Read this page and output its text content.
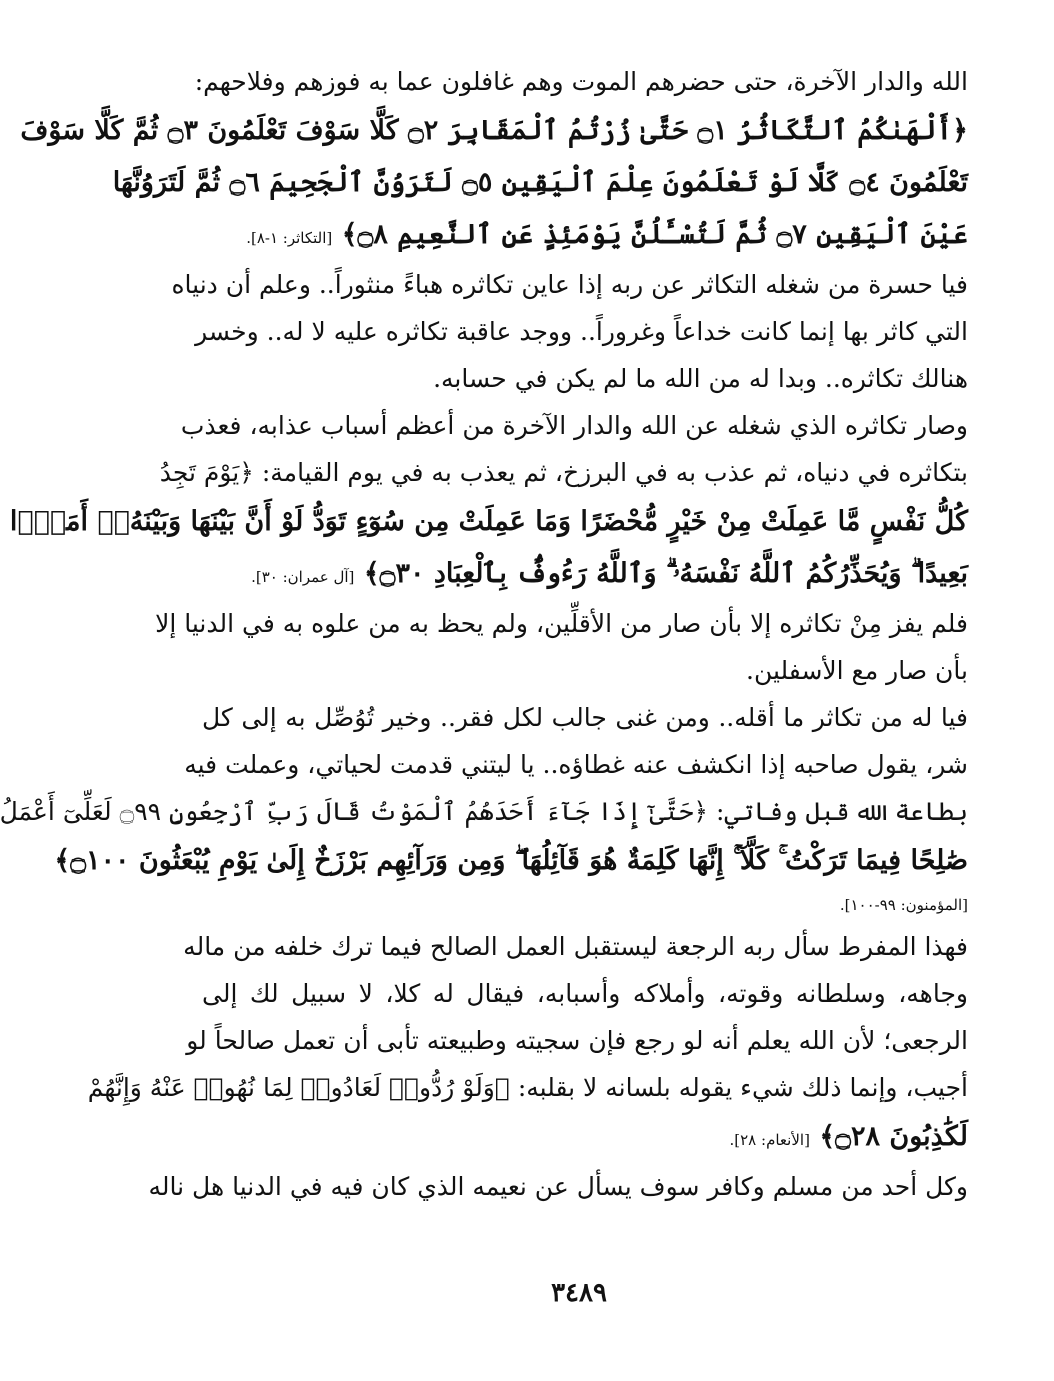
الله والدار الآخرة، حتى حضرهم الموت وهم غافلون عما به فوزهم وفلاحهم:
﴿أَلْهَىٰكُمُ ٱلتَّكَاثُرُ ۝١ حَتَّىٰ زُرْتُمُ ٱلْمَقَابِرَ ۝٢ كَلَّا سَوْفَ تَعْلَمُونَ ۝٣ ثُمَّ كَلَّا سَوْفَ
تَعْلَمُونَ ۝٤ كَلَّا لَوْ تَعْلَمُونَ عِلْمَ ٱلْيَقِينِ ۝٥ لَتَرَوُنَّ ٱلْجَحِيمَ ۝٦ ثُمَّ لَتَرَوُنَّهَا
عَيْنَ ٱلْيَقِينِ ۝٧ ثُمَّ لَتُسْـَٔلُنَّ يَوْمَئِذٍ عَنِ ٱلنَّعِيمِ ۝٨﴾ [التكاثر: ١-٨].
فيا حسرة من شغله التكاثر عن ربه إذا عاين تكاثره هباءً منثوراً.. وعلم أن دنياه
التي كاثر بها إنما كانت خداعاً وغروراً.. ووجد عاقبة تكاثره عليه لا له.. وخسر
هنالك تكاثره.. وبدا له من الله ما لم يكن في حسابه.
وصار تكاثره الذي شغله عن الله والدار الآخرة من أعظم أسباب عذابه، فعذب
بتكاثره في دنياه، ثم عذب به في البرزخ، ثم يعذب به في يوم القيامة: ﴿يَوْمَ تَجِدُ
كُلُّ نَفْسٍ مَّا عَمِلَتْ مِنْ خَيْرٍ مُّحْضَرًا وَمَا عَمِلَتْ مِن سُوٓءٍ تَوَدُّ لَوْ أَنَّ بَيْنَهَا وَبَيْنَهُۥٓ أَمَدًۢا
بَعِيدًا ۗ وَيُحَذِّرُكُمُ ٱللَّهُ نَفْسَهُۥ ۗ وَٱللَّهُ رَءُوفٌۢ بِٱلْعِبَادِ ۝٣٠﴾ [آل عمران: ٣٠].
فلم يفز مِنْ تكاثره إلا بأن صار من الأقلِّين، ولم يحظ به من علوه به في الدنيا إلا
بأن صار مع الأسفلين.
فيا له من تكاثر ما أقله.. ومن غنى جالب لكل فقر.. وخير تُوُصِّل به إلى كل
شر، يقول صاحبه إذا انكشف عنه غطاؤه.. يا ليتني قدمت لحياتي، وعملت فيه
بطاعة الله قبل وفاتي: ﴿حَتَّىٰٓ إِذَا جَآءَ أَحَدَهُمُ ٱلْمَوْتُ قَالَ رَبِّ ٱرْجِعُونِ ۝٩٩ لَعَلِّىٓ أَعْمَلُ
صَٰلِحًا فِيمَا تَرَكْتُ ۚ كَلَّآ ۚ إِنَّهَا كَلِمَةٌ هُوَ قَآئِلُهَا ۖ وَمِن وَرَآئِهِم بَرْزَخٌ إِلَىٰ يَوْمِ يُبْعَثُونَ ۝١٠٠﴾
[المؤمنون: ٩٩-١٠٠].
فهذا المفرط سأل ربه الرجعة ليستقبل العمل الصالح فيما ترك خلفه من ماله
وجاهه، وسلطانه وقوته، وأملاكه وأسبابه، فيقال له كلا، لا سبيل لك إلى
الرجعى؛ لأن الله يعلم أنه لو رجع فإن سجيته وطبيعته تأبى أن تعمل صالحاً لو
أجيب، وإنما ذلك شيء يقوله بلسانه لا بقلبه: ﴿وَلَوْ رُدُّوا۟ لَعَادُوا۟ لِمَا نُهُوا۟ عَنْهُ وَإِنَّهُمْ
لَكَٰذِبُونَ ۝٢٨﴾ [الأنعام: ٢٨].
وكل أحد من مسلم وكافر سوف يسأل عن نعيمه الذي كان فيه في الدنيا هل ناله
٣٤٨٩
